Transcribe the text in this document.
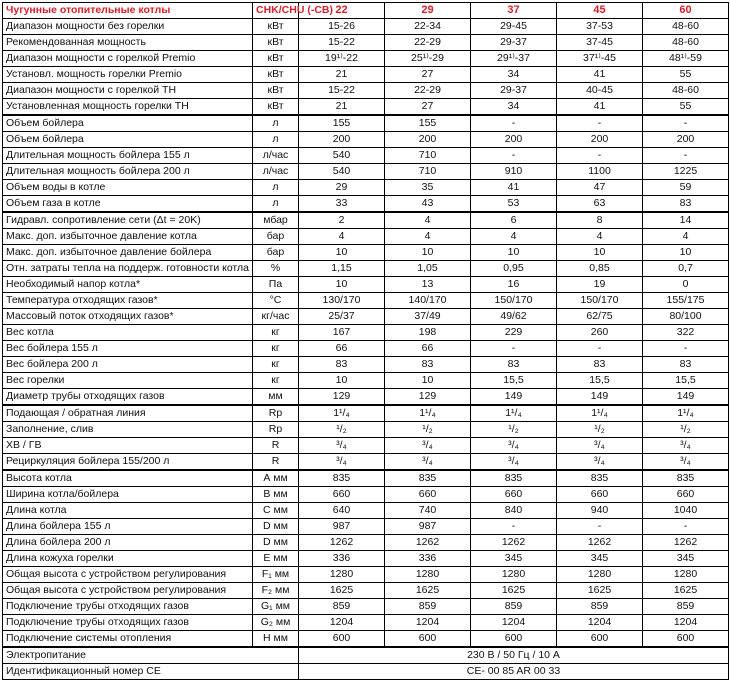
Чугунные отопительные котлы	CHK/CHU (-CB)	22	29	37	45	60
Диапазон мощности без горелки	кВт	15-26	22-34	29-45	37-53	48-60
Рекомендованная мощность	кВт	15-22	22-29	29-37	37-45	48-60
Диапазон мощности с горелкой Premio	кВт	19¹⁾-22	25¹⁾-29	29¹⁾-37	37¹⁾-45	48¹⁾-59
Установл. мощность горелки Premio	кВт	21	27	34	41	55
Диапазон мощности с горелкой TH	кВт	15-22	22-29	29-37	40-45	48-60
Установленная мощность горелки TH	кВт	21	27	34	41	55
Объем бойлера	л	155	155	-	-	-
Объем бойлера	л	200	200	200	200	200
Длительная мощность бойлера 155 л	л/час	540	710	-	-	-
Длительная мощность бойлера 200 л	л/час	540	710	910	1100	1225
Объем воды в котле	л	29	35	41	47	59
Объем газа в котле	л	33	43	53	63	83
Гидравл. сопротивление сети (Δt = 20K)	мбар	2	4	6	8	14
Макс. доп. избыточное давление котла	бар	4	4	4	4	4
Макс. доп. избыточное давление бойлера	бар	10	10	10	10	10
Отн. затраты тепла на поддерж. готовности котла	%	1,15	1,05	0,95	0,85	0,7
Необходимый напор котла*	Па	10	13	16	19	0
Температура отходящих газов*	°C	130/170	140/170	150/170	150/170	155/175
Массовый поток отходящих газов*	кг/час	25/37	37/49	49/62	62/75	80/100
Вес котла	кг	167	198	229	260	322
Вес бойлера 155 л	кг	66	66	-	-	-
Вес бойлера 200 л	кг	83	83	83	83	83
Вес горелки	кг	10	10	15,5	15,5	15,5
Диаметр трубы отходящих газов	мм	129	129	149	149	149
Подающая / обратная линия	Rp	1¹/₄	1¹/₄	1¹/₄	1¹/₄	1¹/₄
Заполнение, слив	Rp	¹/₂	¹/₂	¹/₂	¹/₂	¹/₂
ХВ / ГВ	R	³/₄	³/₄	³/₄	³/₄	³/₄
Рециркуляция бойлера 155/200 л	R	³/₄	³/₄	³/₄	³/₄	³/₄
Высота котла	А мм	835	835	835	835	835
Ширина котла/бойлера	В мм	660	660	660	660	660
Длина котла	С мм	640	740	840	940	1040
Длина бойлера 155 л	D мм	987	987	-	-	-
Длина бойлера 200 л	D мм	1262	1262	1262	1262	1262
Длина кожуха горелки	Е мм	336	336	345	345	345
Общая высота с устройством регулирования	F₁ мм	1280	1280	1280	1280	1280
Общая высота с устройством регулирования	F₂ мм	1625	1625	1625	1625	1625
Подключение трубы отходящих газов	G₁ мм	859	859	859	859	859
Подключение трубы отходящих газов	G₂ мм	1204	1204	1204	1204	1204
Подключение системы отопления	Н мм	600	600	600	600	600
Электропитание		230 В / 50 Гц / 10 А				
Идентификационный номер CE		CE- 00 85 AR 00 33				
